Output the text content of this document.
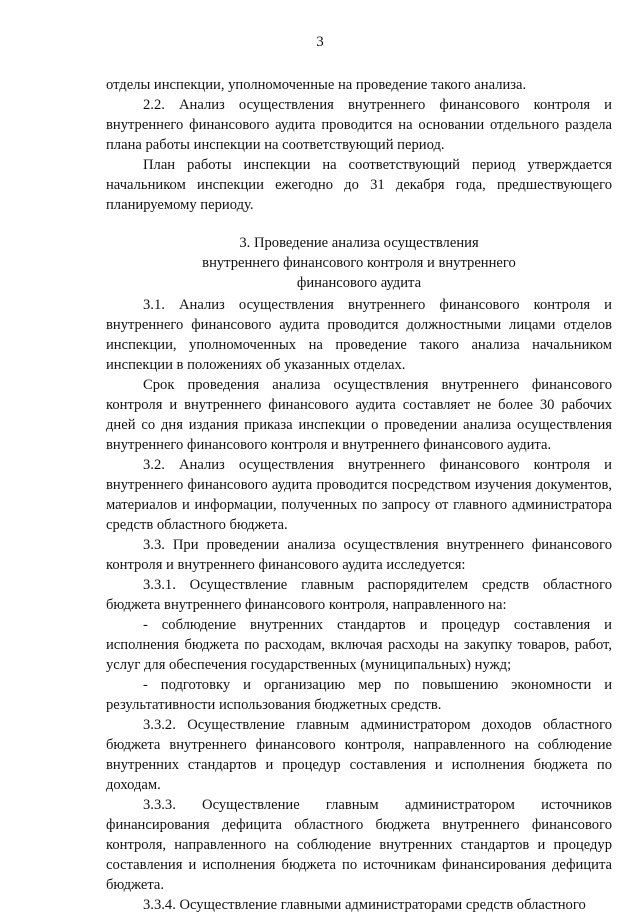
3

отделы инспекции, уполномоченные на проведение такого анализа.

2.2. Анализ осуществления внутреннего финансового контроля и внутреннего финансового аудита проводится на основании отдельного раздела плана работы инспекции на соответствующий период.

План работы инспекции на соответствующий период утверждается начальником инспекции ежегодно до 31 декабря года, предшествующего планируемому периоду.

3. Проведение анализа осуществления
внутреннего финансового контроля и внутреннего
финансового аудита

3.1. Анализ осуществления внутреннего финансового контроля и внутреннего финансового аудита проводится должностными лицами отделов инспекции, уполномоченных на проведение такого анализа начальником инспекции в положениях об указанных отделах.

Срок проведения анализа осуществления внутреннего финансового контроля и внутреннего финансового аудита составляет не более 30 рабочих дней со дня издания приказа инспекции о проведении анализа осуществления внутреннего финансового контроля и внутреннего финансового аудита.

3.2. Анализ осуществления внутреннего финансового контроля и внутреннего финансового аудита проводится посредством изучения документов, материалов и информации, полученных по запросу от главного администратора средств областного бюджета.

3.3. При проведении анализа осуществления внутреннего финансового контроля и внутреннего финансового аудита исследуется:

3.3.1. Осуществление главным распорядителем средств областного бюджета внутреннего финансового контроля, направленного на:

- соблюдение внутренних стандартов и процедур составления и исполнения бюджета по расходам, включая расходы на закупку товаров, работ, услуг для обеспечения государственных (муниципальных) нужд;

- подготовку и организацию мер по повышению экономности и результативности использования бюджетных средств.

3.3.2. Осуществление главным администратором доходов областного бюджета внутреннего финансового контроля, направленного на соблюдение внутренних стандартов и процедур составления и исполнения бюджета по доходам.

3.3.3. Осуществление главным администратором источников финансирования дефицита областного бюджета внутреннего финансового контроля, направленного на соблюдение внутренних стандартов и процедур составления и исполнения бюджета по источникам финансирования дефицита бюджета.

3.3.4. Осуществление главными администраторами средств областного
